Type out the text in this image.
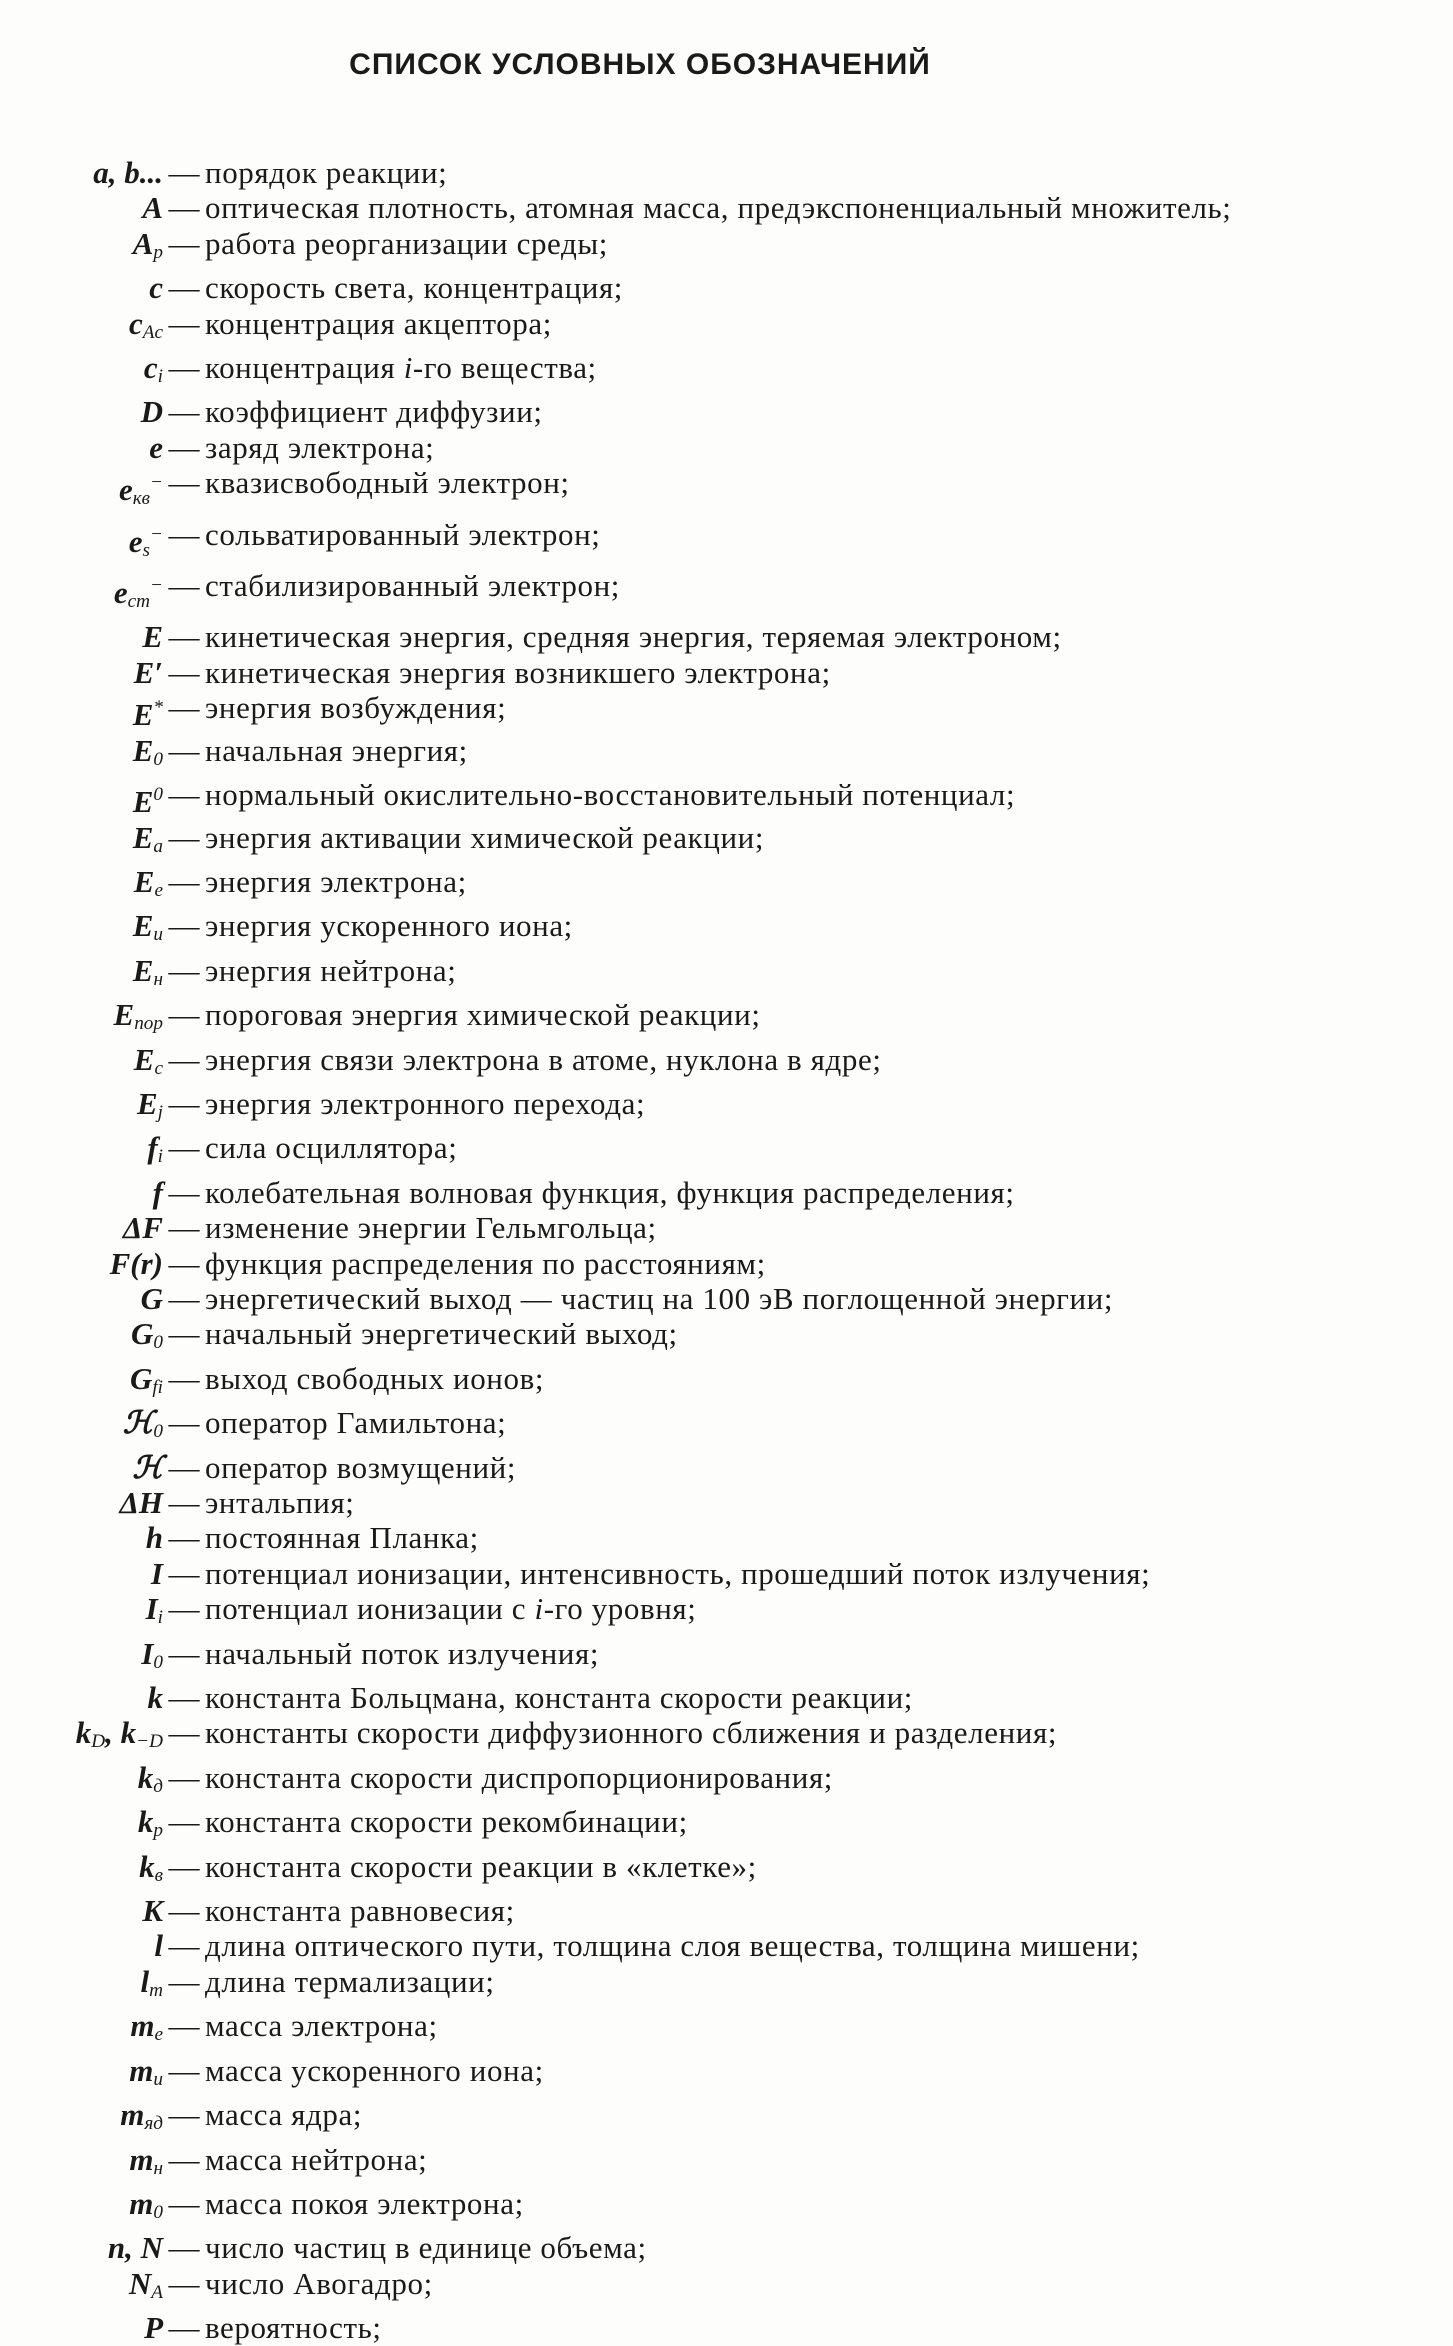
СПИСОК УСЛОВНЫХ ОБОЗНАЧЕНИЙ
a, b... — порядок реакции;
A — оптическая плотность, атомная масса, предэкспоненциальный множитель;
$A_р$ — работа реорганизации среды;
c — скорость света, концентрация;
$c_{Ac}$ — концентрация акцептора;
$c_i$ — концентрация i-го вещества;
D — коэффициент диффузии;
e — заряд электрона;
$e_{кв}^-$ — квазисвободный электрон;
$e_s^-$ — сольватированный электрон;
$e_{ст}^-$ — стабилизированный электрон;
E — кинетическая энергия, средняя энергия, теряемая электроном;
E′ — кинетическая энергия возникшего электрона;
E* — энергия возбуждения;
$E_0$ — начальная энергия;
$E^0$ — нормальный окислительно-восстановительный потенциал;
$E_a$ — энергия активации химической реакции;
$E_e$ — энергия электрона;
$E_и$ — энергия ускоренного иона;
$E_н$ — энергия нейтрона;
$E_{пор}$ — пороговая энергия химической реакции;
$E_c$ — энергия связи электрона в атоме, нуклона в ядре;
$E_j$ — энергия электронного перехода;
$f_i$ — сила осциллятора;
f — колебательная волновая функция, функция распределения;
ΔF — изменение энергии Гельмгольца;
F(r) — функция распределения по расстояниям;
G — энергетический выход — частиц на 100 эВ поглощенной энергии;
$G_0$ — начальный энергетический выход;
$G_{fi}$ — выход свободных ионов;
ℋ$_0$ — оператор Гамильтона;
ℋ — оператор возмущений;
ΔH — энтальпия;
h — постоянная Планка;
I — потенциал ионизации, интенсивность, прошедший поток излучения;
$I_i$ — потенциал ионизации с i-го уровня;
$I_0$ — начальный поток излучения;
k — константа Больцмана, константа скорости реакции;
$k_D$, $k_{-D}$ — константы скорости диффузионного сближения и разделения;
$k_д$ — константа скорости диспропорционирования;
$k_р$ — константа скорости рекомбинации;
$k_в$ — константа скорости реакции в «клетке»;
K — константа равновесия;
l — длина оптического пути, толщина слоя вещества, толщина мишени;
$l_т$ — длина термализации;
$m_e$ — масса электрона;
$m_и$ — масса ускоренного иона;
$m_{яд}$ — масса ядра;
$m_н$ — масса нейтрона;
$m_0$ — масса покоя электрона;
n, N — число частиц в единице объема;
$N_A$ — число Авогадро;
P — вероятность;
